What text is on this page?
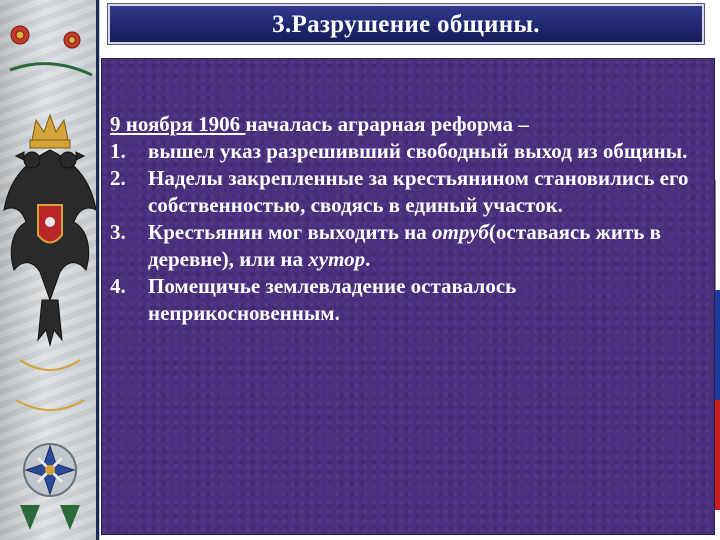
3.Разрушение общины.
9 ноября 1906 началась аграрная реформа –
1. вышел указ разрешивший свободный выход из общины.
2. Наделы закрепленные за крестьянином становились его собственностью, сводясь в единый участок.
3. Крестьянин мог выходить на отруб(оставаясь жить в деревне), или на хутор.
4. Помещичье землевладение оставалось неприкосновенным.
